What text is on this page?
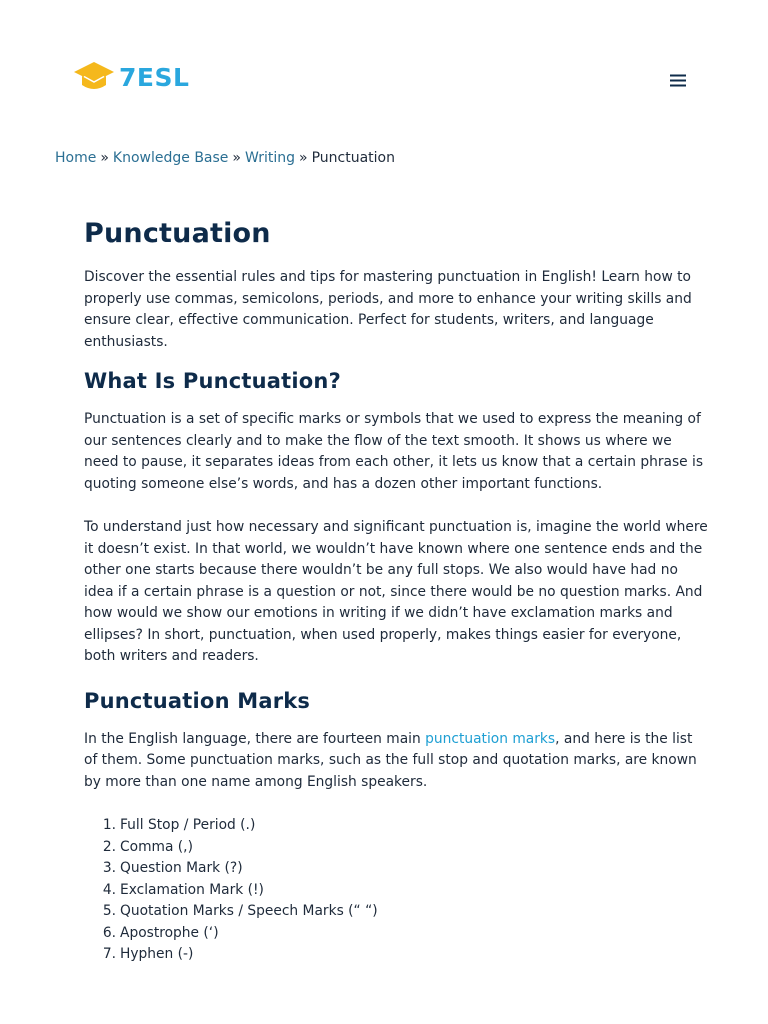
7ESL
Home » Knowledge Base » Writing » Punctuation
Punctuation

Discover the essential rules and tips for mastering punctuation in English! Learn how to properly use commas, semicolons, periods, and more to enhance your writing skills and ensure clear, effective communication. Perfect for students, writers, and language enthusiasts.

What Is Punctuation?

Punctuation is a set of specific marks or symbols that we used to express the meaning of our sentences clearly and to make the flow of the text smooth. It shows us where we need to pause, it separates ideas from each other, it lets us know that a certain phrase is quoting someone else’s words, and has a dozen other important functions.

To understand just how necessary and significant punctuation is, imagine the world where it doesn’t exist. In that world, we wouldn’t have known where one sentence ends and the other one starts because there wouldn’t be any full stops. We also would have had no idea if a certain phrase is a question or not, since there would be no question marks. And how would we show our emotions in writing if we didn’t have exclamation marks and ellipses? In short, punctuation, when used properly, makes things easier for everyone, both writers and readers.

Punctuation Marks

In the English language, there are fourteen main punctuation marks, and here is the list of them. Some punctuation marks, such as the full stop and quotation marks, are known by more than one name among English speakers.

1. Full Stop / Period (.)
2. Comma (,)
3. Question Mark (?)
4. Exclamation Mark (!)
5. Quotation Marks / Speech Marks (“ “)
6. Apostrophe (‘)
7. Hyphen (-)
